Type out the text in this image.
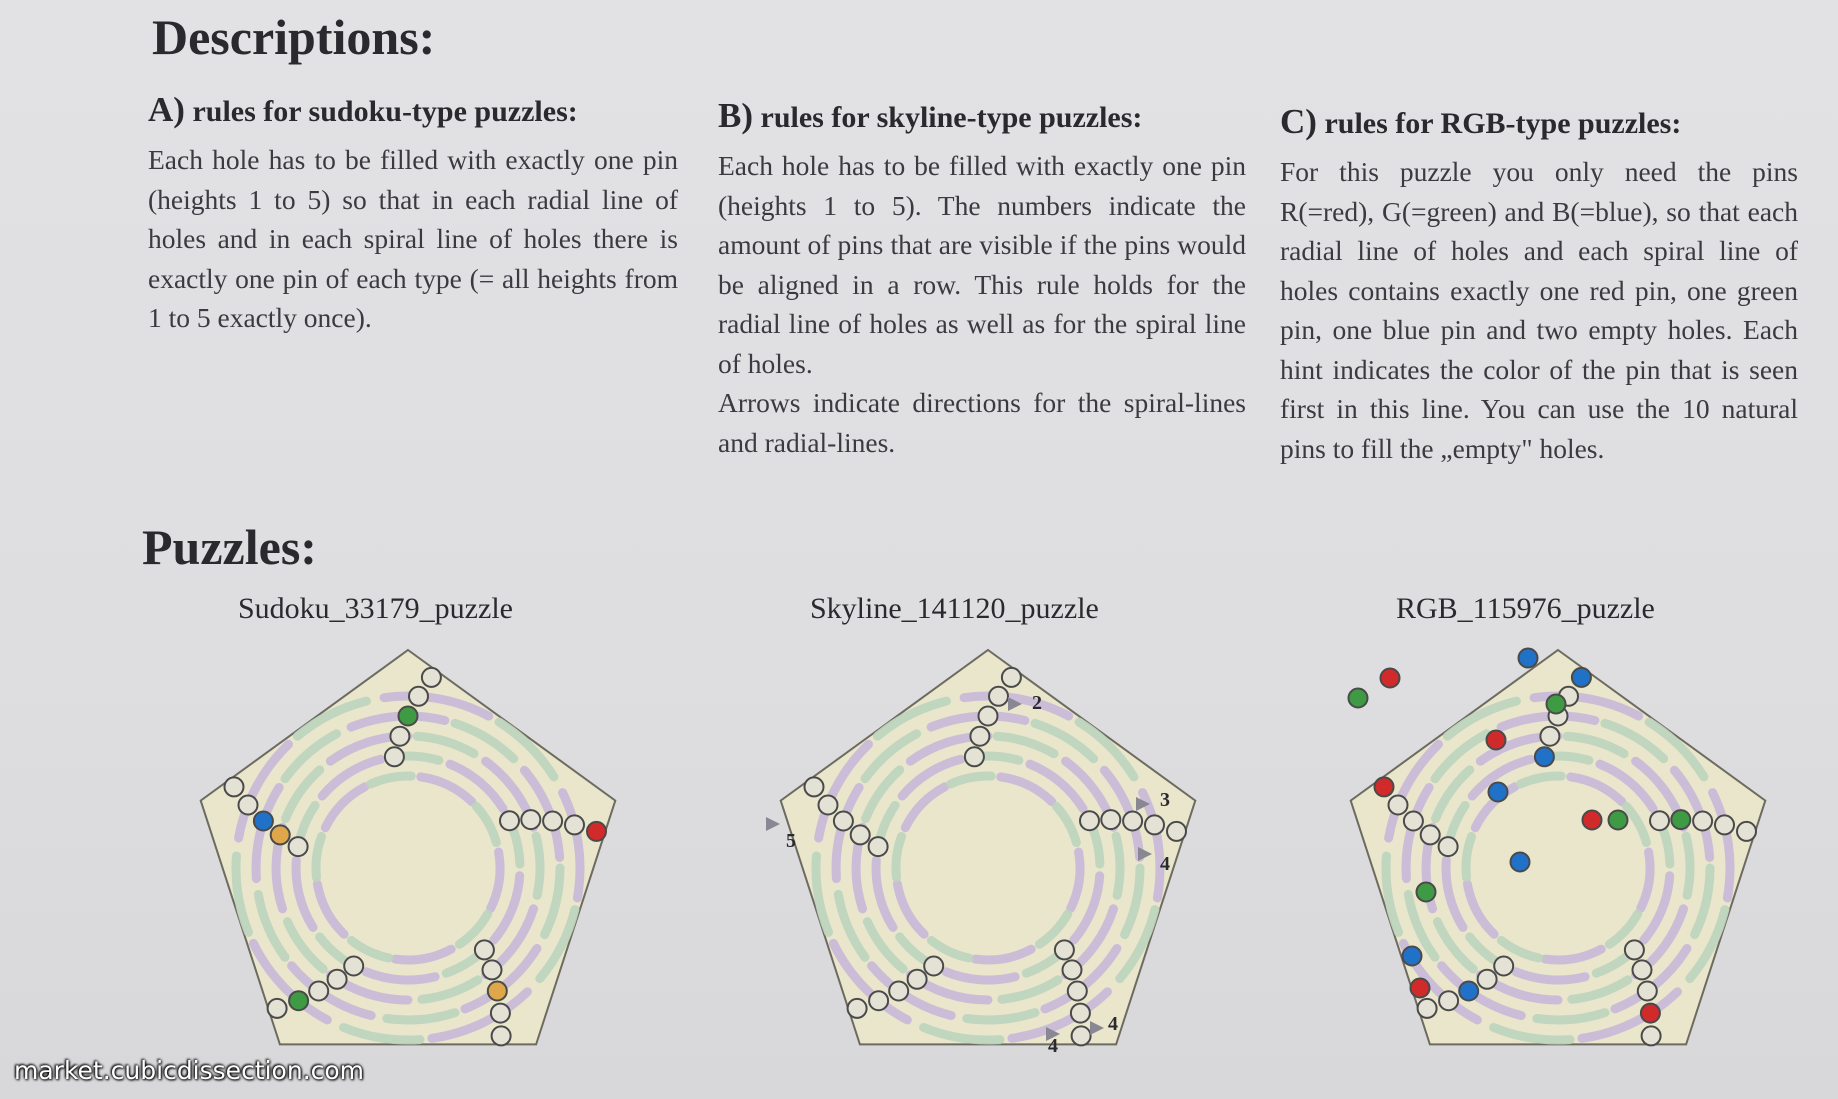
Descriptions:
A) rules for sudoku-type puzzles:

Each hole has to be filled with exactly one pin (heights 1 to 5) so that in each radial line of holes and in each spiral line of holes there is exactly one pin of each type (= all heights from 1 to 5 exactly once).

B) rules for skyline-type puzzles:

Each hole has to be filled with exactly one pin (heights 1 to 5). The numbers indicate the amount of pins that are visible if the pins would be aligned in a row. This rule holds for the radial line of holes as well as for the spiral line of holes.

Arrows indicate directions for the spiral-lines and radial-lines.

C) rules for RGB-type puzzles:

For this puzzle you only need the pins R(=red), G(=green) and B(=blue), so that each radial line of holes and each spiral line of holes contains exactly one red pin, one green pin, one blue pin and two empty holes. Each hint indicates the color of the pin that is seen first in this line. You can use the 10 natural pins to fill the „empty" holes.

Puzzles:
Sudoku_33179_puzzle	Skyline_141120_puzzle	RGB_115976_puzzle
2
3
4
5
4
4
market.cubicdissection.com
